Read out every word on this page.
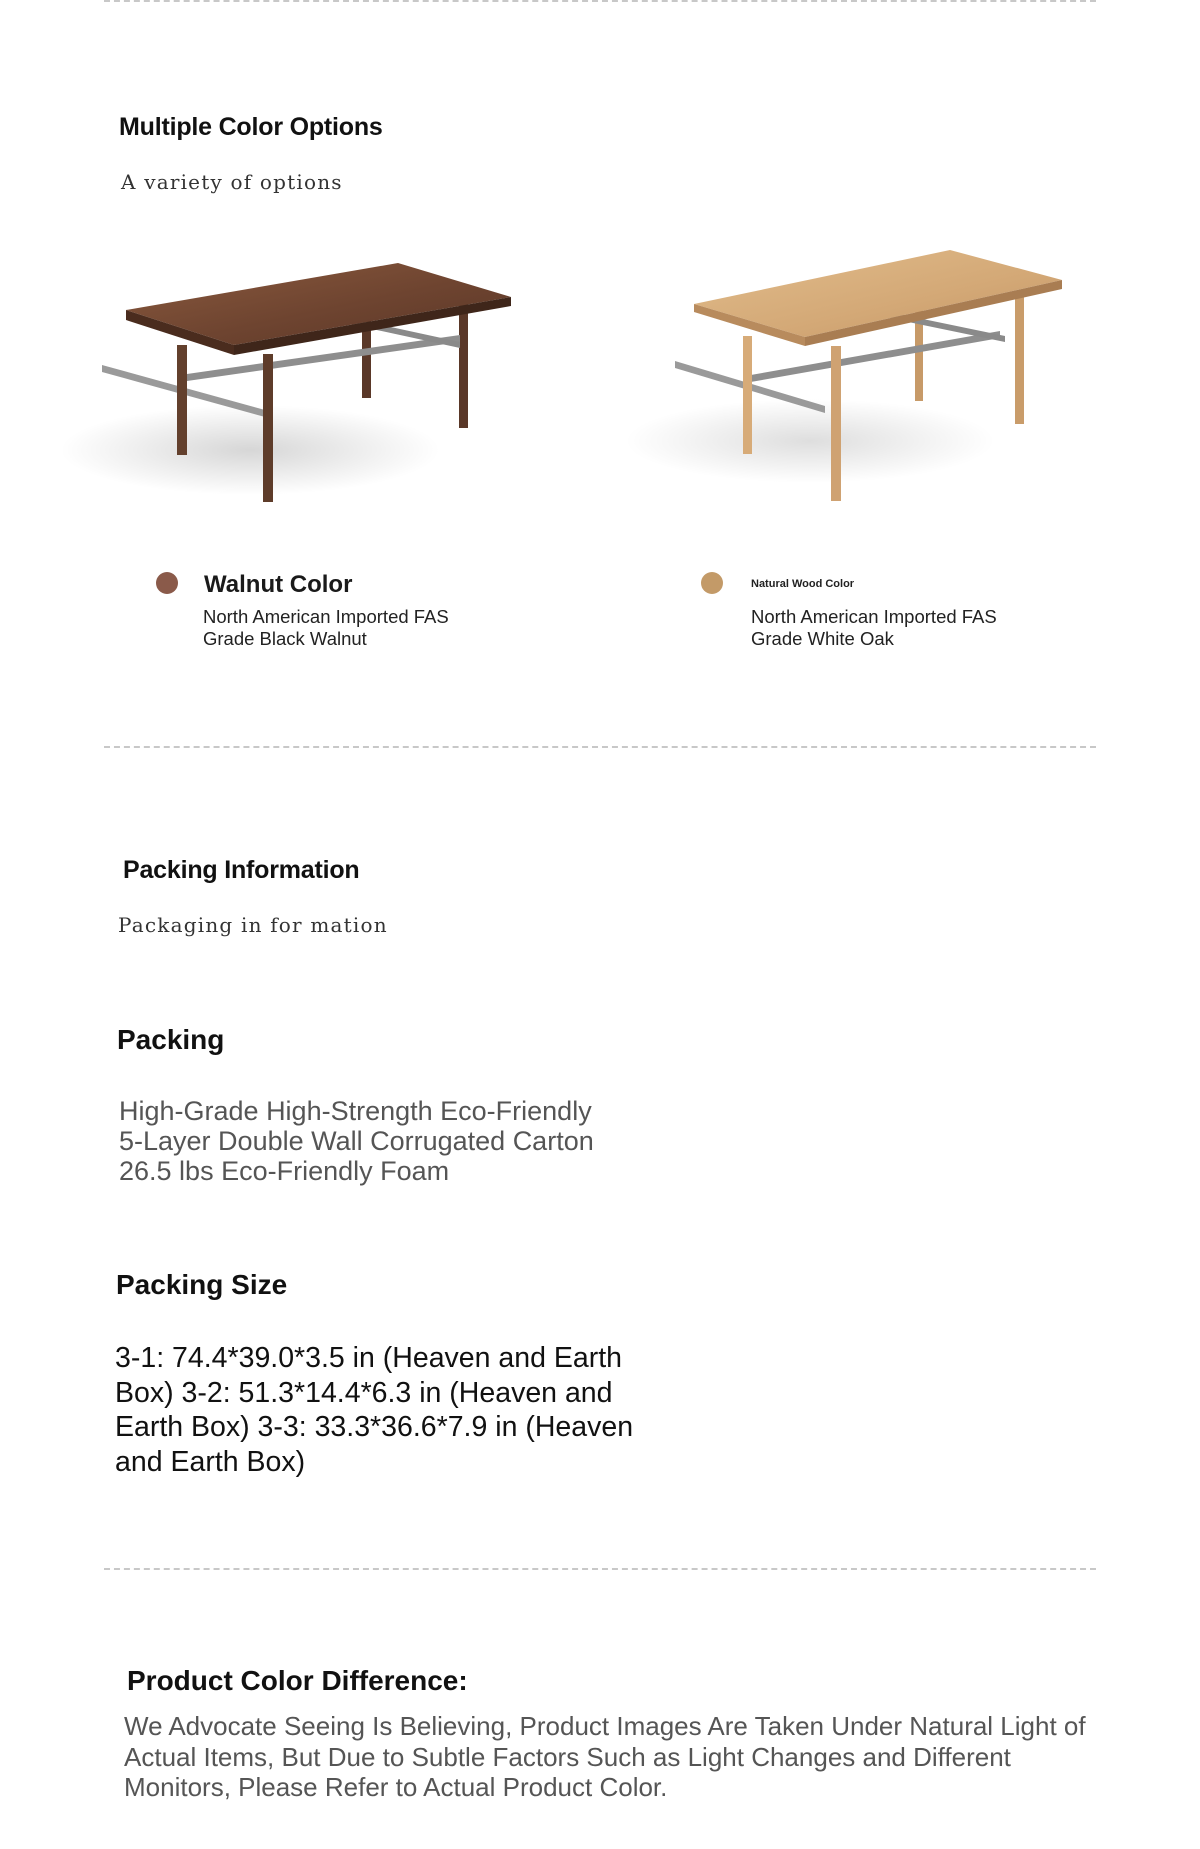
Multiple Color Options
A variety of options
Walnut Color
North American Imported FAS Grade Black Walnut
Natural Wood Color
North American Imported FAS Grade White Oak
Packing Information
Packaging in for mation
Packing
High-Grade High-Strength Eco-Friendly
5-Layer Double Wall Corrugated Carton
26.5 lbs Eco-Friendly Foam
Packing Size
3-1: 74.4*39.0*3.5 in (Heaven and Earth Box) 3-2: 51.3*14.4*6.3 in (Heaven and Earth Box) 3-3: 33.3*36.6*7.9 in (Heaven and Earth Box)
Product Color Difference:
We Advocate Seeing Is Believing, Product Images Are Taken Under Natural Light of Actual Items, But Due to Subtle Factors Such as Light Changes and Different Monitors, Please Refer to Actual Product Color.
